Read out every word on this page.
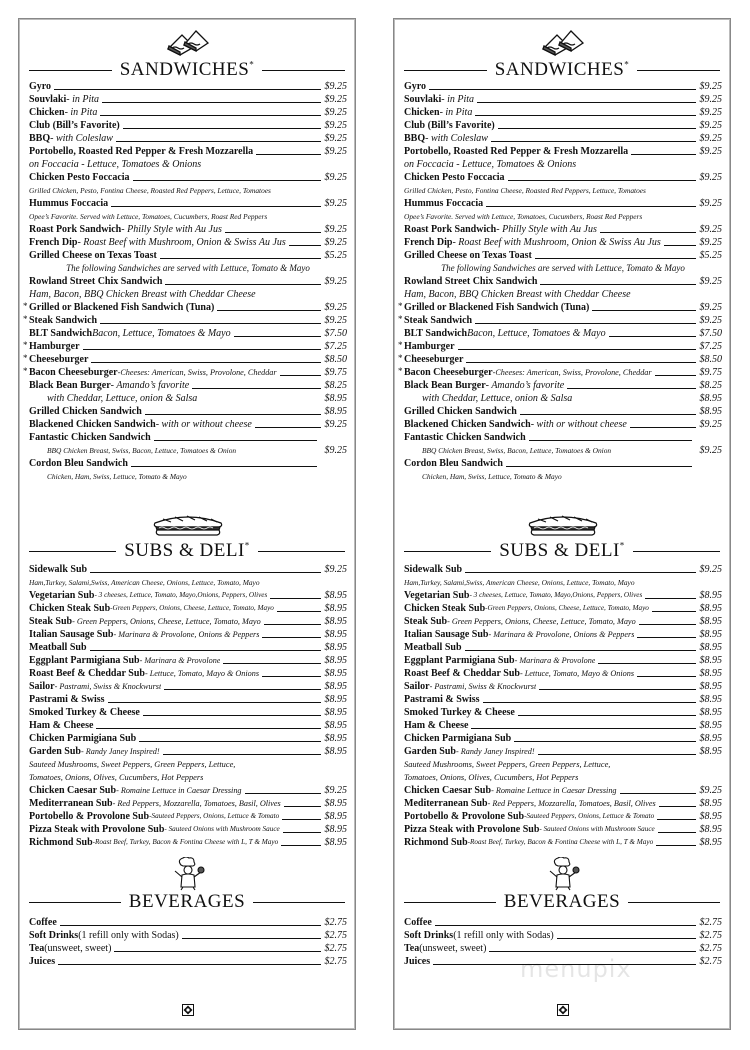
SANDWICHES*
Gyro	$9.25
Souvlaki - in Pita	$9.25
Chicken - in Pita	$9.25
Club (Bill’s Favorite)	$9.25
BBQ - with Coleslaw	$9.25
Portobello, Roasted Red Pepper & Fresh Mozzarella	$9.25
on Foccacia - Lettuce, Tomatoes & Onions
Chicken Pesto Foccacia	$9.25
Grilled Chicken, Pesto, Fontina Cheese, Roasted Red Peppers, Lettuce, Tomatoes
Hummus Foccacia	$9.25
Opee’s Favorite. Served with Lettuce, Tomatoes, Cucumbers, Roast Red Peppers
Roast Pork Sandwich - Philly Style with Au Jus	$9.25
French Dip - Roast Beef with Mushroom, Onion & Swiss Au Jus	$9.25
Grilled Cheese on Texas Toast	$5.25
The following Sandwiches are served with Lettuce, Tomato & Mayo
Rowland Street Chix Sandwich	$9.25
Ham, Bacon, BBQ Chicken Breast with Cheddar Cheese
* Grilled or Blackened Fish Sandwich (Tuna)	$9.25
* Steak Sandwich	$9.25
BLT Sandwich Bacon, Lettuce, Tomatoes & Mayo	$7.50
* Hamburger	$7.25
* Cheeseburger	$8.50
* Bacon Cheeseburger -Cheeses: American, Swiss, Provolone, Cheddar	$9.75
Black Bean Burger - Amando’s favorite	$8.25
with Cheddar, Lettuce, onion & Salsa	$8.95
Grilled Chicken Sandwich	$8.95
Blackened Chicken Sandwich - with or without cheese	$9.25
Fantastic Chicken Sandwich
BBQ Chicken Breast, Swiss, Bacon, Lettuce, Tomatoes & Onion	$9.25
Cordon Bleu Sandwich
Chicken, Ham, Swiss, Lettuce, Tomato & Mayo
SUBS & DELI*
Sidewalk Sub	$9.25
Ham,Turkey, Salami,Swiss, American Cheese, Onions, Lettuce, Tomato, Mayo
Vegetarian Sub - 3 cheeses, Lettuce, Tomato, Mayo,Onions, Peppers, Olives	$8.95
Chicken Steak Sub -Green Peppers, Onions, Cheese, Lettuce, Tomato, Mayo	$8.95
Steak Sub - Green Peppers, Onions, Cheese, Lettuce, Tomato, Mayo	$8.95
Italian Sausage Sub - Marinara & Provolone, Onions & Peppers	$8.95
Meatball Sub	$8.95
Eggplant Parmigiana Sub - Marinara & Provolone	$8.95
Roast Beef & Cheddar Sub - Lettuce, Tomato, Mayo & Onions	$8.95
Sailor - Pastrami, Swiss & Knockwurst	$8.95
Pastrami & Swiss	$8.95
Smoked Turkey & Cheese	$8.95
Ham & Cheese	$8.95
Chicken Parmigiana Sub	$8.95
Garden Sub - Randy Janey Inspired!	$8.95
Sauteed Mushrooms, Sweet Peppers, Green Peppers, Lettuce,
Tomatoes, Onions, Olives, Cucumbers, Hot Peppers
Chicken Caesar Sub - Romaine Lettuce in Caesar Dressing	$9.25
Mediterranean Sub - Red Peppers, Mozzarella, Tomatoes, Basil, Olives	$8.95
Portobello & Provolone Sub -Sauteed Peppers, Onions, Lettuce & Tomato	$8.95
Pizza Steak with Provolone Sub - Sauteed Onions with Mushroom Sauce	$8.95
Richmond Sub -Roast Beef, Turkey, Bacon & Fontina Cheese with L, T & Mayo	$8.95
BEVERAGES
Coffee	$2.75
Soft Drinks (1 refill only with Sodas)	$2.75
Tea (unsweet, sweet)	$2.75
Juices	$2.75
SANDWICHES*
Gyro	$9.25
Souvlaki - in Pita	$9.25
Chicken - in Pita	$9.25
Club (Bill’s Favorite)	$9.25
BBQ - with Coleslaw	$9.25
Portobello, Roasted Red Pepper & Fresh Mozzarella	$9.25
on Foccacia - Lettuce, Tomatoes & Onions
Chicken Pesto Foccacia	$9.25
Grilled Chicken, Pesto, Fontina Cheese, Roasted Red Peppers, Lettuce, Tomatoes
Hummus Foccacia	$9.25
Opee’s Favorite. Served with Lettuce, Tomatoes, Cucumbers, Roast Red Peppers
Roast Pork Sandwich - Philly Style with Au Jus	$9.25
French Dip - Roast Beef with Mushroom, Onion & Swiss Au Jus	$9.25
Grilled Cheese on Texas Toast	$5.25
The following Sandwiches are served with Lettuce, Tomato & Mayo
Rowland Street Chix Sandwich	$9.25
Ham, Bacon, BBQ Chicken Breast with Cheddar Cheese
* Grilled or Blackened Fish Sandwich (Tuna)	$9.25
* Steak Sandwich	$9.25
BLT Sandwich Bacon, Lettuce, Tomatoes & Mayo	$7.50
* Hamburger	$7.25
* Cheeseburger	$8.50
* Bacon Cheeseburger -Cheeses: American, Swiss, Provolone, Cheddar	$9.75
Black Bean Burger - Amando’s favorite	$8.25
with Cheddar, Lettuce, onion & Salsa	$8.95
Grilled Chicken Sandwich	$8.95
Blackened Chicken Sandwich - with or without cheese	$9.25
Fantastic Chicken Sandwich
BBQ Chicken Breast, Swiss, Bacon, Lettuce, Tomatoes & Onion	$9.25
Cordon Bleu Sandwich
Chicken, Ham, Swiss, Lettuce, Tomato & Mayo
SUBS & DELI*
Sidewalk Sub	$9.25
Ham,Turkey, Salami,Swiss, American Cheese, Onions, Lettuce, Tomato, Mayo
Vegetarian Sub - 3 cheeses, Lettuce, Tomato, Mayo,Onions, Peppers, Olives	$8.95
Chicken Steak Sub -Green Peppers, Onions, Cheese, Lettuce, Tomato, Mayo	$8.95
Steak Sub - Green Peppers, Onions, Cheese, Lettuce, Tomato, Mayo	$8.95
Italian Sausage Sub - Marinara & Provolone, Onions & Peppers	$8.95
Meatball Sub	$8.95
Eggplant Parmigiana Sub - Marinara & Provolone	$8.95
Roast Beef & Cheddar Sub - Lettuce, Tomato, Mayo & Onions	$8.95
Sailor - Pastrami, Swiss & Knockwurst	$8.95
Pastrami & Swiss	$8.95
Smoked Turkey & Cheese	$8.95
Ham & Cheese	$8.95
Chicken Parmigiana Sub	$8.95
Garden Sub - Randy Janey Inspired!	$8.95
Sauteed Mushrooms, Sweet Peppers, Green Peppers, Lettuce,
Tomatoes, Onions, Olives, Cucumbers, Hot Peppers
Chicken Caesar Sub - Romaine Lettuce in Caesar Dressing	$9.25
Mediterranean Sub - Red Peppers, Mozzarella, Tomatoes, Basil, Olives	$8.95
Portobello & Provolone Sub -Sauteed Peppers, Onions, Lettuce & Tomato	$8.95
Pizza Steak with Provolone Sub - Sauteed Onions with Mushroom Sauce	$8.95
Richmond Sub -Roast Beef, Turkey, Bacon & Fontina Cheese with L, T & Mayo	$8.95
BEVERAGES
Coffee	$2.75
Soft Drinks (1 refill only with Sodas)	$2.75
Tea (unsweet, sweet)	$2.75
Juices	$2.75
menupix
